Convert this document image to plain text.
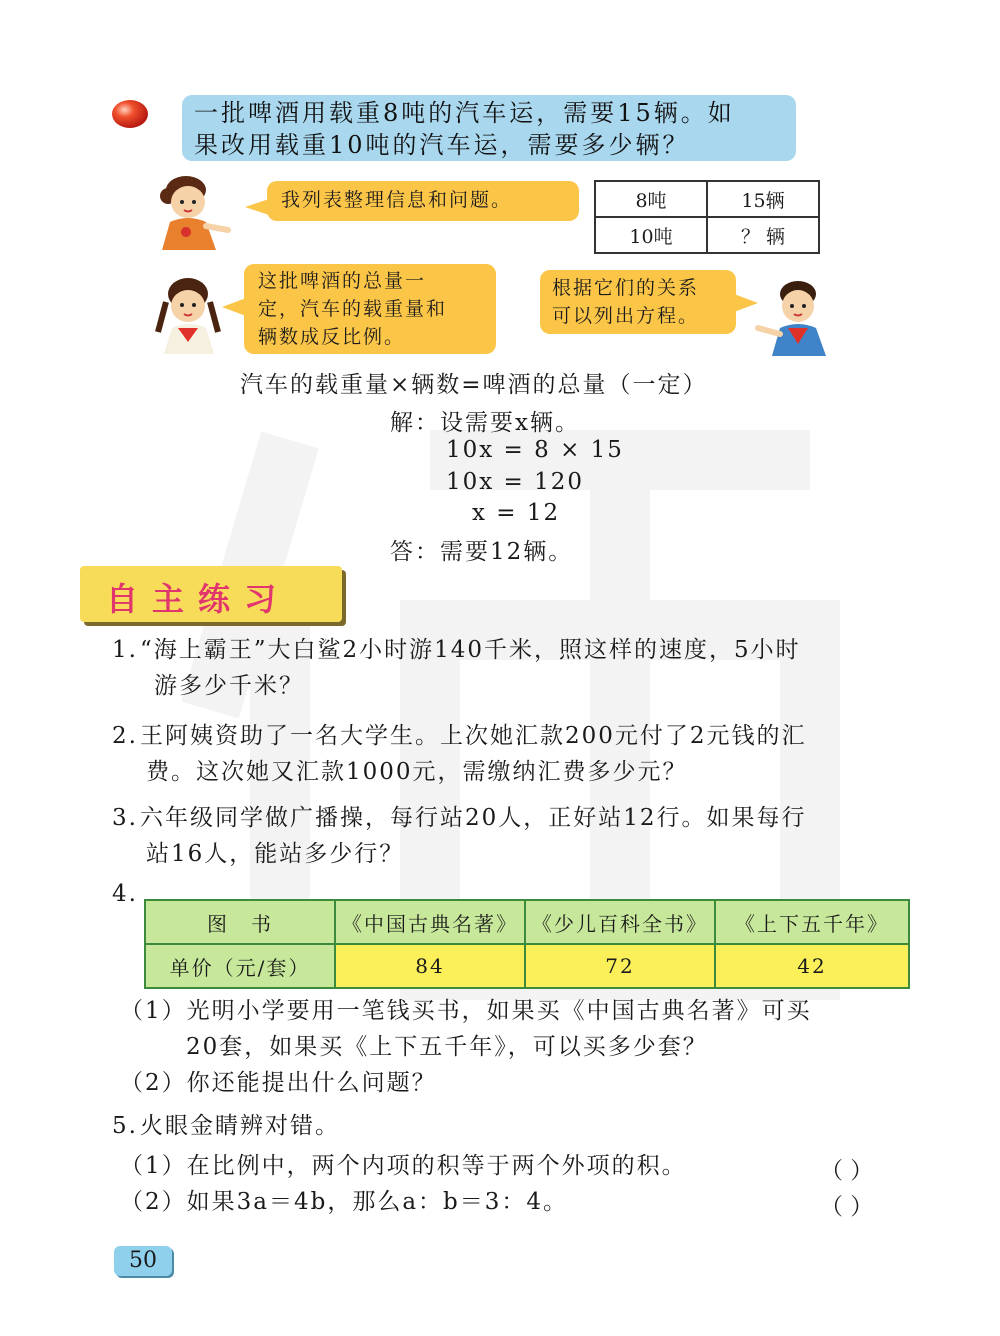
一批啤酒用载重8吨的汽车运，需要15辆。如
果改用载重10吨的汽车运，需要多少辆？
我列表整理信息和问题。	8吨	15辆
10吨	？ 辆
这批啤酒的总量一
定，汽车的载重量和
辆数成反比例。
根据它们的关系
可以列出方程。
汽车的载重量×辆数=啤酒的总量（一定）
解：设需要x辆。
10x = 8 × 15
10x = 120
x = 12
答：需要12辆。
自主练习
1. “海上霸王”大白鲨2小时游140千米，照这样的速度，5小时
游多少千米？
2. 王阿姨资助了一名大学生。上次她汇款200元付了2元钱的汇
费。这次她又汇款1000元，需缴纳汇费多少元？
3. 六年级同学做广播操，每行站20人，正好站12行。如果每行
站16人，能站多少行？
4.
图　书	《中国古典名著》	《少儿百科全书》	《上下五千年》
单价（元/套）	84	72	42
（1）光明小学要用一笔钱买书，如果买《中国古典名著》可买
20套，如果买《上下五千年》，可以买多少套？
（2）你还能提出什么问题？
5. 火眼金睛辨对错。
（1）在比例中，两个内项的积等于两个外项的积。
（2）如果3a＝4b，那么a：b＝3：4。
（ ）
（ ）
50
